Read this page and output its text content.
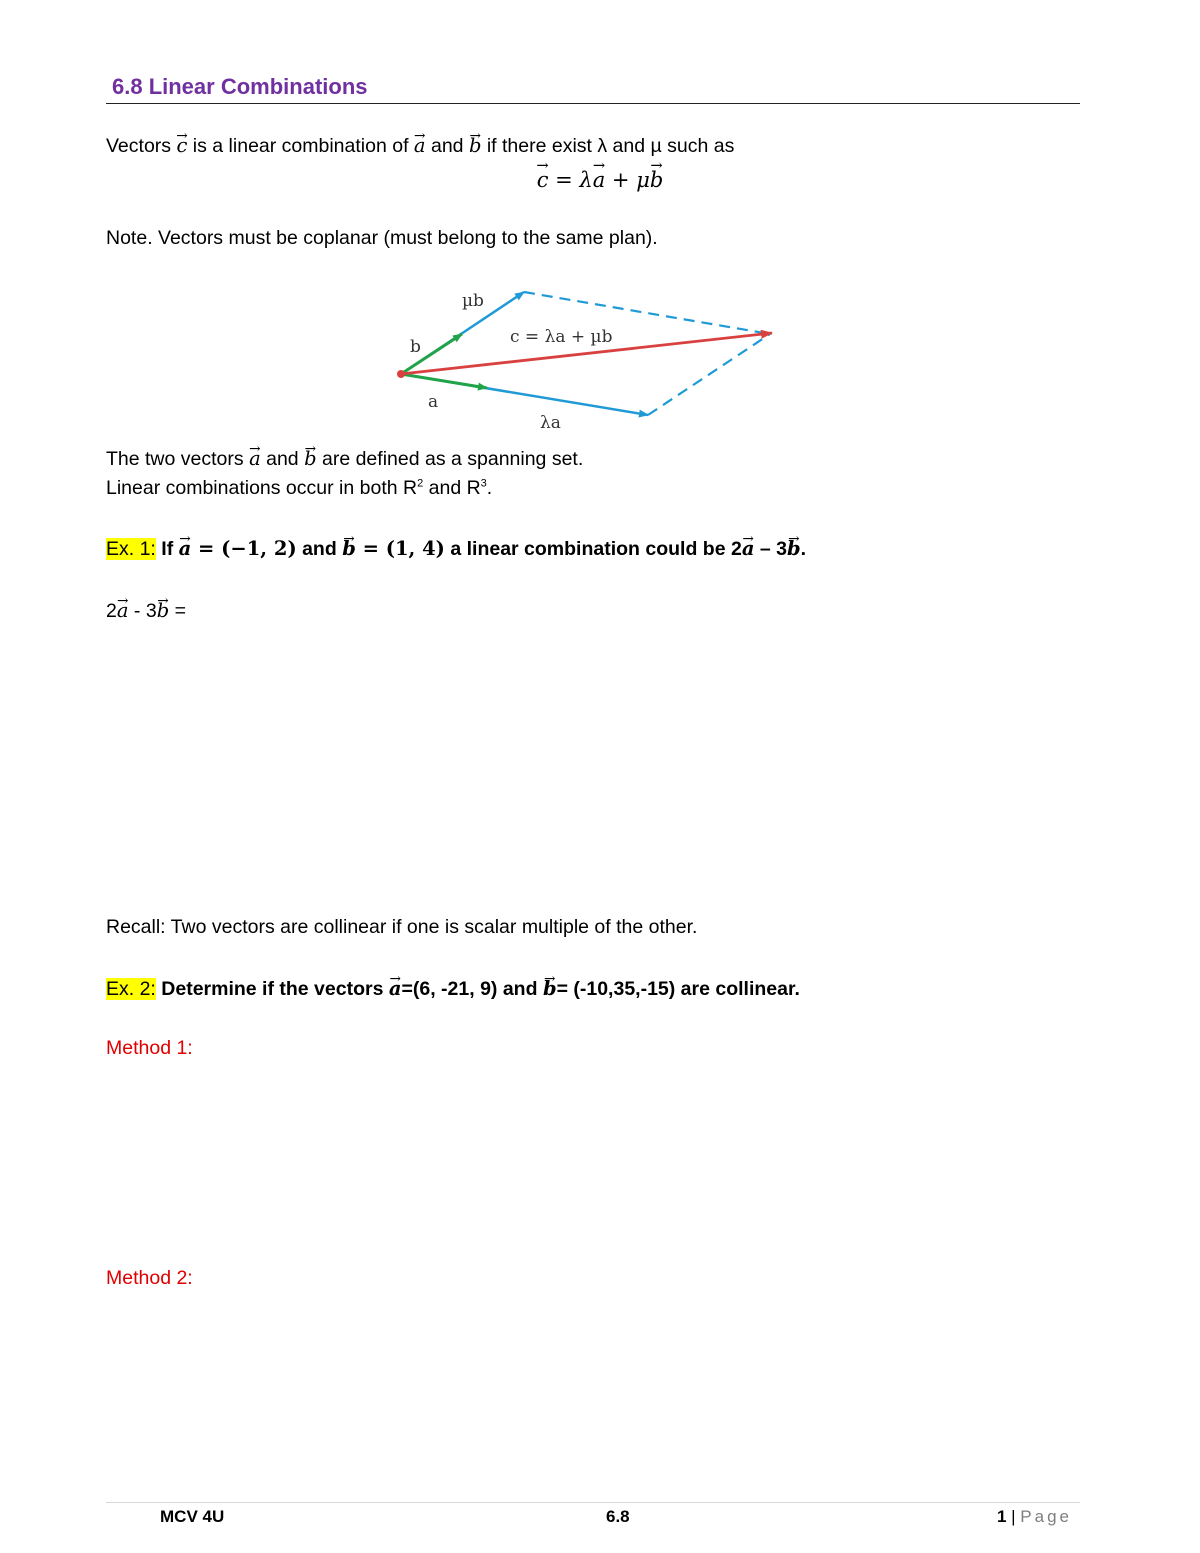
6.8 Linear Combinations
Vectors → c is a linear combination of → a and → b if there exist λ and µ such as
→ c = λ→ a + μ→ b
Note. Vectors must be coplanar (must belong to the same plan).
µb
b
a
c = λa + µb
λa
The two vectors → a and → b are defined as a spanning set.
Linear combinations occur in both $R^2$ and $R^3$.
Ex. 1: If → a = (−1, 2) and → b = (1, 4) a linear combination could be 2→ a – 3→ b.
2→ a - 3→ b =
Recall: Two vectors are collinear if one is scalar multiple of the other.
Ex. 2: Determine if the vectors → a=(6, -21, 9) and → b= (-10,35,-15) are collinear.
Method 1:
Method 2:
MCV 4U	6.8	1 | Page
